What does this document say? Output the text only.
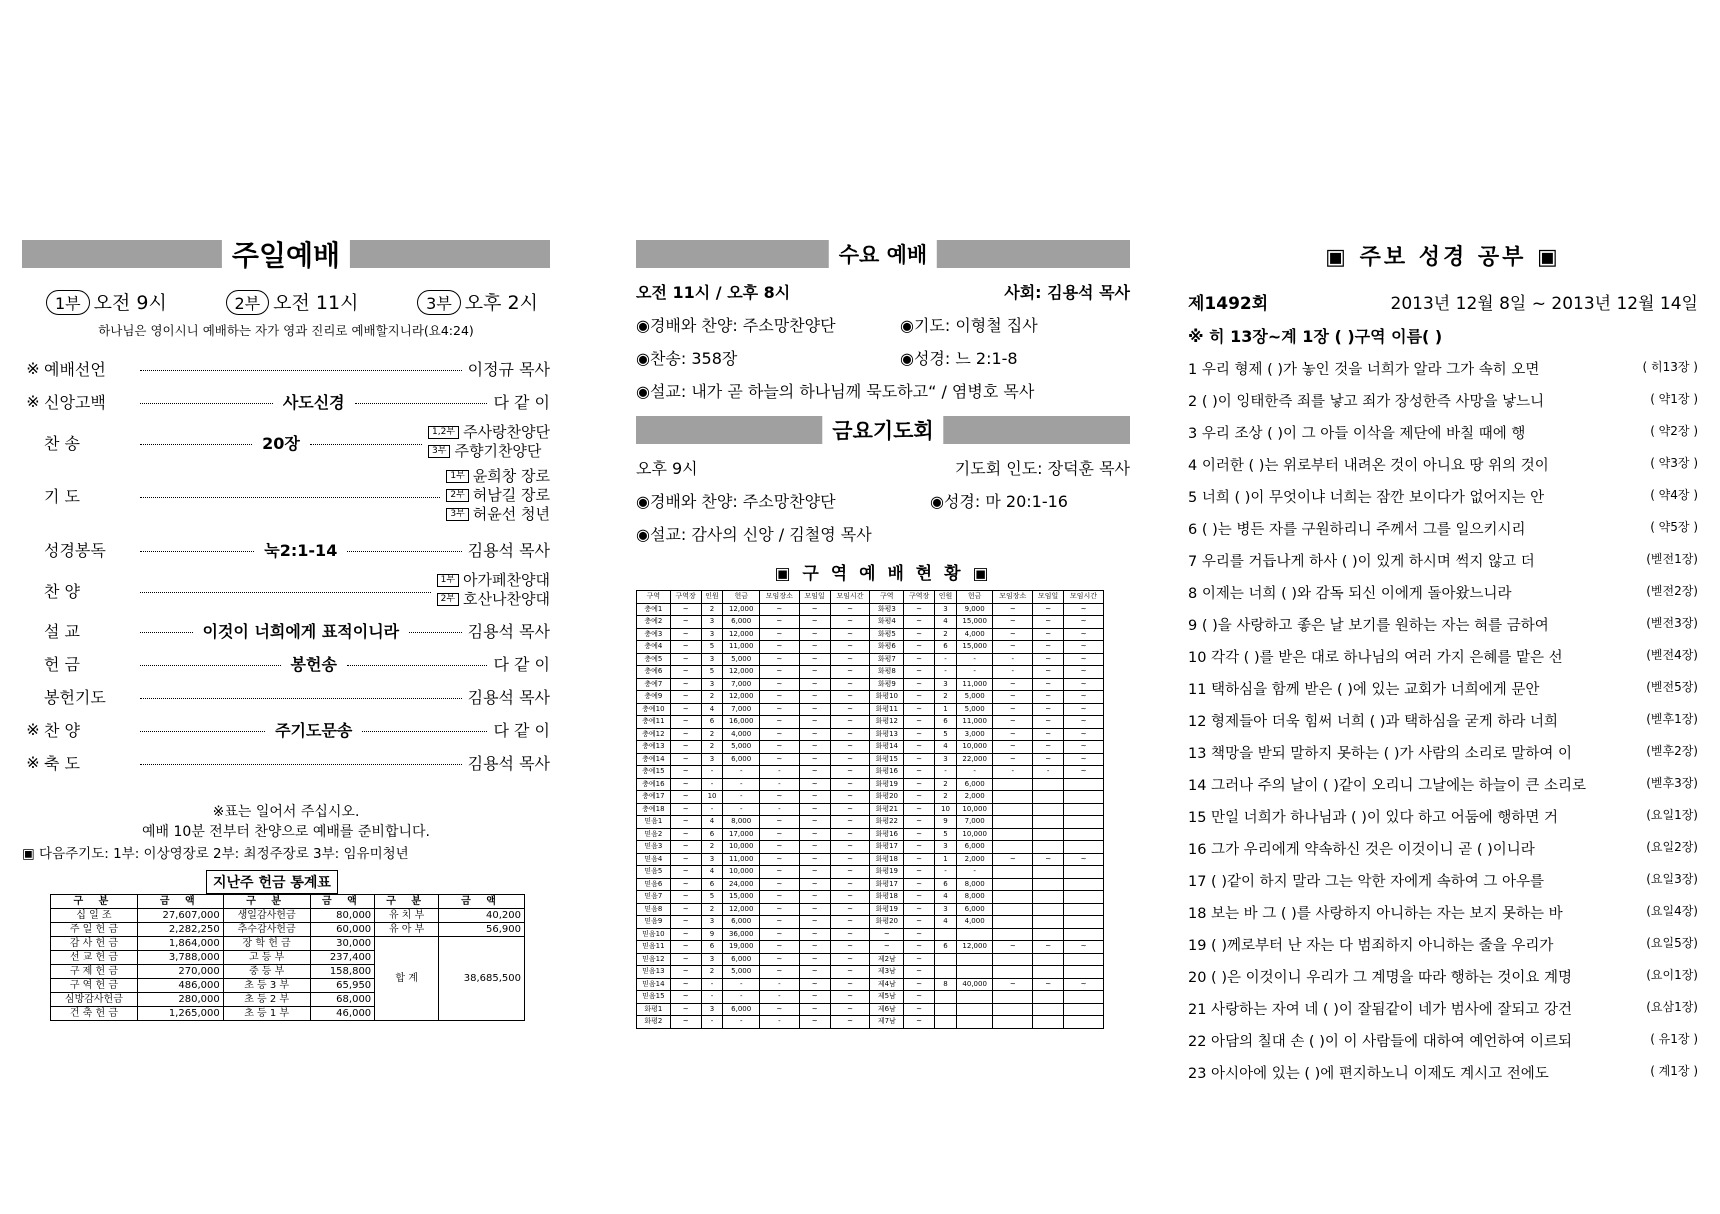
주일예배
1부 오전 9시	2부 오전 11시	3부 오후 2시
하나님은 영이시니 예배하는 자가 영과 진리로 예배할지니라(요4:24)
※ 예배선언	이정규 목사
※ 신앙고백	사도신경	다 같 이
찬 송	20장
1,2부 주사랑찬양단
3부 주향기찬양단
기 도
1부 윤희창 장로
2부 허남길 장로
3부 허윤선 청년
성경봉독	눅2:1-14	김용석 목사
찬 양
1부 아가페찬양대
2부 호산나찬양대
설 교	이것이 너희에게 표적이니라	김용석 목사
헌 금	봉헌송	다 같 이
봉헌기도	김용석 목사
※ 찬 양	주기도문송	다 같 이
※ 축 도	김용석 목사
※표는 일어서 주십시오.
예배 10분 전부터 찬양으로 예배를 준비합니다.
▣ 다음주기도: 1부: 이상영장로 2부: 최정주장로 3부: 임유미청년
지난주 헌금 통계표
구 분	금 액	구 분	금 액	구 분	금 액
십 일 조	27,607,000	생일감사헌금	80,000	유 치 부	40,200
주 일 헌 금	2,282,250	추수감사헌금	60,000	유 아 부	56,900
감 사 헌 금	1,864,000	장 학 헌 금	30,000	합 계	38,685,500
선 교 헌 금	3,788,000	고 등 부	237,400		
구 제 헌 금	270,000	중 등 부	158,800		
구 역 헌 금	486,000	초 등 3 부	65,950		
심방감사헌금	280,000	초 등 2 부	68,000		
건 축 헌 금	1,265,000	초 등 1 부	46,000		
수요 예배
오전 11시 / 오후 8시	사회: 김용석 목사
◉경배와 찬양: 주소망찬양단	◉기도: 이형철 집사
◉찬송: 358장	◉성경: 느 2:1-8
◉설교: 내가 곧 하늘의 하나님께 묵도하고“ / 염병호 목사
금요기도회
오후 9시	기도회 인도: 장덕훈 목사
◉경배와 찬양: 주소망찬양단	◉성경: 마 20:1-16
◉설교: 감사의 신앙 / 김철영 목사
▣ 구 역 예 배 현 황 ▣
구역	구역장	인원	헌금	모임장소	모임일	모임시간	구역	구역장	인원	헌금	모임장소	모임일	모임시간
충예1	~	2	12,000	~	~	~	화평3	~	3	9,000	~	~	~
충예2	~	3	6,000	~	~	~	화평4	~	4	15,000	~	~	~
충예3	~	3	12,000	~	~	~	화평5	~	2	4,000	~	~	~
충예4	~	5	11,000	~	~	~	화평6	~	6	15,000	~	~	~
충예5	~	3	5,000	~	~	~	화평7	~	-	-	-	~	~
충예6	~	5	12,000	~	~	~	화평8	~	-	-	-	~	~
충예7	~	3	7,000	~	~	~	화평9	~	3	11,000	~	~	~
충예9	~	2	12,000	~	~	~	화평10	~	2	5,000	~	~	~
충예10	~	4	7,000	~	~	~	화평11	~	1	5,000	~	~	~
충예11	~	6	16,000	~	~	~	화평12	~	6	11,000	~	~	~
충예12	~	2	4,000	~	~	~	화평13	~	5	3,000	~	~	~
충예13	~	2	5,000	~	~	~	화평14	~	4	10,000	~	~	~
충예14	~	3	6,000	~	~	~	화평15	~	3	22,000	~	~	~
충예15	~	-	-	-	~	~	화평16	~	-	-	-	-	~
충예16	~	-	-	-	~	~	화평19	~	2	6,000			
충예17	~	10	-	~	~	~	화평20	~	2	2,000			
충예18	~	-	-	-	~	~	화평21	~	10	10,000			
믿음1	~	4	8,000	~	~	~	화평22	~	9	7,000			
믿음2	~	6	17,000	~	~	~	화평16	~	5	10,000			
믿음3	~	2	10,000	~	~	~	화평17	~	3	6,000			
믿음4	~	3	11,000	~	~	~	화평18	~	1	2,000	~	~	~
믿음5	~	4	10,000	~	~	~	화평19	~	-	-			
믿음6	~	6	24,000	~	~	~	화평17	~	6	8,000			
믿음7	~	5	15,000	~	~	~	화평18	~	4	8,000			
믿음8	~	2	12,000	~	~	~	화평19	~	3	6,000			
믿음9	~	3	6,000	~	~	~	화평20	~	4	4,000			
믿음10	~	9	36,000	~	~	~	~	~					
믿음11	~	6	19,000	~	~	~	~	~	6	12,000	~	~	~
믿음12	~	3	6,000	~	~	~	제2남	~					
믿음13	~	2	5,000	~	~	~	제3남	~					
믿음14	~	-	-	-	~	~	제4남	~	8	40,000	~	~	~
믿음15	~	-	-	-	~	~	제5남	~					
화평1	~	3	6,000	~	~	~	제6남	~					
화평2	~	-	-	-	~	~	제7남	~					
▣ 주보 성경 공부 ▣
제1492회	2013년 12월 8일 ~ 2013년 12월 14일
※ 히 13장~계 1장 ( )구역 이름( )
1 우리 형제 ( )가 놓인 것을 너희가 알라 그가 속히 오면	( 히13장 )
2 ( )이 잉태한즉 죄를 낳고 죄가 장성한즉 사망을 낳느니	( 약1장 )
3 우리 조상 ( )이 그 아들 이삭을 제단에 바칠 때에 행	( 약2장 )
4 이러한 ( )는 위로부터 내려온 것이 아니요 땅 위의 것이	( 약3장 )
5 너희 ( )이 무엇이냐 너희는 잠깐 보이다가 없어지는 안	( 약4장 )
6 ( )는 병든 자를 구원하리니 주께서 그를 일으키시리	( 약5장 )
7 우리를 거듭나게 하사 ( )이 있게 하시며 썩지 않고 더	(벧전1장)
8 이제는 너희 ( )와 감독 되신 이에게 돌아왔느니라	(벧전2장)
9 ( )을 사랑하고 좋은 날 보기를 원하는 자는 혀를 금하여	(벧전3장)
10 각각 ( )를 받은 대로 하나님의 여러 가지 은혜를 맡은 선	(벧전4장)
11 택하심을 함께 받은 ( )에 있는 교회가 너희에게 문안	(벧전5장)
12 형제들아 더욱 힘써 너희 ( )과 택하심을 굳게 하라 너희	(벧후1장)
13 책망을 받되 말하지 못하는 ( )가 사람의 소리로 말하여 이	(벧후2장)
14 그러나 주의 날이 ( )같이 오리니 그날에는 하늘이 큰 소리로	(벧후3장)
15 만일 너희가 하나님과 ( )이 있다 하고 어둠에 행하면 거	(요일1장)
16 그가 우리에게 약속하신 것은 이것이니 곧 ( )이니라	(요일2장)
17 ( )같이 하지 말라 그는 악한 자에게 속하여 그 아우를	(요일3장)
18 보는 바 그 ( )를 사랑하지 아니하는 자는 보지 못하는 바	(요일4장)
19 ( )께로부터 난 자는 다 범죄하지 아니하는 줄을 우리가	(요일5장)
20 ( )은 이것이니 우리가 그 계명을 따라 행하는 것이요 계명	(요이1장)
21 사랑하는 자여 네 ( )이 잘됨같이 네가 범사에 잘되고 강건	(요삼1장)
22 아담의 칠대 손 ( )이 이 사람들에 대하여 예언하여 이르되	( 유1장 )
23 아시아에 있는 ( )에 편지하노니 이제도 계시고 전에도	( 계1장 )
